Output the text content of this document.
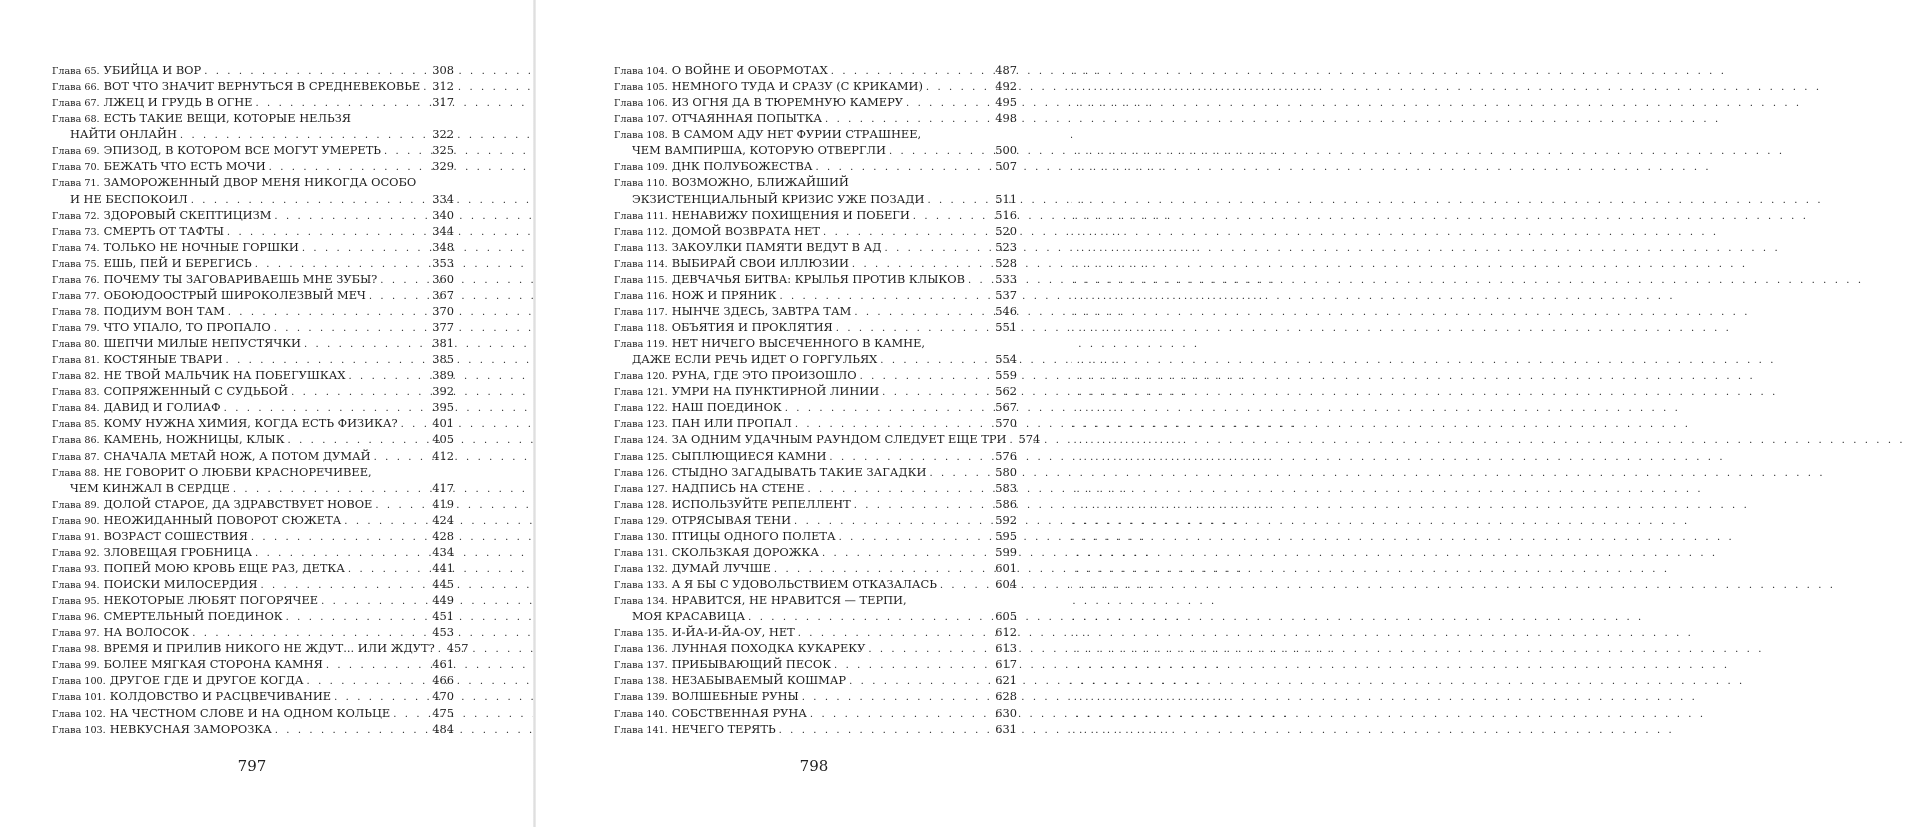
Глава 65. УБИЙЦА И ВОР . . .	308
Глава 66. ВОТ ЧТО ЗНАЧИТ ВЕРНУТЬСЯ В СРЕДНЕВЕКОВЬЕ . . . 312
Глава 67. ЛЖЕЦ И ГРУДЬ В ОГНЕ . . .	317
Глава 68. ЕСТЬ ТАКИЕ ВЕЩИ, КОТОРЫЕ НЕЛЬЗЯ
НАЙТИ ОНЛАЙН . . .	322
Глава 69. ЭПИЗОД, В КОТОРОМ ВСЕ МОГУТ УМЕРЕТЬ . . .	325
Глава 70. БЕЖАТЬ ЧТО ЕСТЬ МОЧИ . . .	329
Глава 71. ЗАМОРОЖЕННЫЙ ДВОР МЕНЯ НИКОГДА ОСОБО
И НЕ БЕСПОКОИЛ . . .	334
Глава 72. ЗДОРОВЫЙ СКЕПТИЦИЗМ . . .	340
Глава 73. СМЕРТЬ ОТ ТАФТЫ . . .	344
Глава 74. ТОЛЬКО НЕ НОЧНЫЕ ГОРШКИ . . .	348
Глава 75. ЕШЬ, ПЕЙ И БЕРЕГИСЬ . . .	353
Глава 76. ПОЧЕМУ ТЫ ЗАГОВАРИВАЕШЬ МНЕ ЗУБЫ? . . .	360
Глава 77. ОБОЮДООСТРЫЙ ШИРОКОЛЕЗВЫЙ МЕЧ . . .	367
Глава 78. ПОДИУМ ВОН ТАМ . . .	370
Глава 79. ЧТО УПАЛО, ТО ПРОПАЛО . . .	377
Глава 80. ШЕПЧИ МИЛЫЕ НЕПУСТЯЧКИ . . .	381
Глава 81. КОСТЯНЫЕ ТВАРИ . . .	385
Глава 82. НЕ ТВОЙ МАЛЬЧИК НА ПОБЕГУШКАХ . . .	389
Глава 83. СОПРЯЖЕННЫЙ С СУДЬБОЙ . . .	392
Глава 84. ДАВИД И ГОЛИАФ . . .	395
Глава 85. КОМУ НУЖНА ХИМИЯ, КОГДА ЕСТЬ ФИЗИКА? . . .	401
Глава 86. КАМЕНЬ, НОЖНИЦЫ, КЛЫК . . .	405
Глава 87. СНАЧАЛА МЕТАЙ НОЖ, А ПОТОМ ДУМАЙ . . .	412
Глава 88. НЕ ГОВОРИТ О ЛЮБВИ КРАСНОРЕЧИВЕЕ,
ЧЕМ КИНЖАЛ В СЕРДЦЕ . . .	417
Глава 89. ДОЛОЙ СТАРОЕ, ДА ЗДРАВСТВУЕТ НОВОЕ . . .	419
Глава 90. НЕОЖИДАННЫЙ ПОВОРОТ СЮЖЕТА . . .	424
Глава 91. ВОЗРАСТ СОШЕСТВИЯ . . .	428
Глава 92. ЗЛОВЕЩАЯ ГРОБНИЦА . . .	434
Глава 93. ПОПЕЙ МОЮ КРОВЬ ЕЩЕ РАЗ, ДЕТКА . . .	441
Глава 94. ПОИСКИ МИЛОСЕРДИЯ . . .	445
Глава 95. НЕКОТОРЫЕ ЛЮБЯТ ПОГОРЯЧЕЕ . . .	449
Глава 96. СМЕРТЕЛЬНЫЙ ПОЕДИНОК . . .	451
Глава 97. НА ВОЛОСОК . . .	453
Глава 98. ВРЕМЯ И ПРИЛИВ НИКОГО НЕ ЖДУТ... ИЛИ ЖДУТ? . . . 457
Глава 99. БОЛЕЕ МЯГКАЯ СТОРОНА КАМНЯ . . .	461
Глава 100. ДРУГОЕ ГДЕ И ДРУГОЕ КОГДА . . .	466
Глава 101. КОЛДОВСТВО И РАСЦВЕЧИВАНИЕ . . .	470
Глава 102. НА ЧЕСТНОМ СЛОВЕ И НА ОДНОМ КОЛЬЦЕ . . .	475
Глава 103. НЕВКУСНАЯ ЗАМОРОЗКА . . .	484
797
Глава 104. О ВОЙНЕ И ОБОРМОТАХ . . .	487
Глава 105. НЕМНОГО ТУДА И СРАЗУ (С КРИКАМИ) . . .	492
Глава 106. ИЗ ОГНЯ ДА В ТЮРЕМНУЮ КАМЕРУ . . .	495
Глава 107. ОТЧАЯННАЯ ПОПЫТКА . . .	498
Глава 108. В САМОМ АДУ НЕТ ФУРИИ СТРАШНЕЕ,
ЧЕМ ВАМПИРША, КОТОРУЮ ОТВЕРГЛИ . . .	500
Глава 109. ДНК ПОЛУБОЖЕСТВА . . .	507
Глава 110. ВОЗМОЖНО, БЛИЖАЙШИЙ
ЭКЗИСТЕНЦИАЛЬНЫЙ КРИЗИС УЖЕ ПОЗАДИ . . .	511
Глава 111. НЕНАВИЖУ ПОХИЩЕНИЯ И ПОБЕГИ . . .	516
Глава 112. ДОМОЙ ВОЗВРАТА НЕТ . . .	520
Глава 113. ЗАКОУЛКИ ПАМЯТИ ВЕДУТ В АД . . .	523
Глава 114. ВЫБИРАЙ СВОИ ИЛЛЮЗИИ . . .	528
Глава 115. ДЕВЧАЧЬЯ БИТВА: КРЫЛЬЯ ПРОТИВ КЛЫКОВ . . .	533
Глава 116. НОЖ И ПРЯНИК . . .	537
Глава 117. НЫНЧЕ ЗДЕСЬ, ЗАВТРА ТАМ . . .	546
Глава 118. ОБЪЯТИЯ И ПРОКЛЯТИЯ . . .	551
Глава 119. НЕТ НИЧЕГО ВЫСЕЧЕННОГО В КАМНЕ,
ДАЖЕ ЕСЛИ РЕЧЬ ИДЕТ О ГОРГУЛЬЯХ . . .	554
Глава 120. РУНА, ГДЕ ЭТО ПРОИЗОШЛО . . .	559
Глава 121. УМРИ НА ПУНКТИРНОЙ ЛИНИИ . . .	562
Глава 122. НАШ ПОЕДИНОК . . .	567
Глава 123. ПАН ИЛИ ПРОПАЛ . . .	570
Глава 124. ЗА ОДНИМ УДАЧНЫМ РАУНДОМ СЛЕДУЕТ ЕЩЕ ТРИ . . . 574
Глава 125. СЫПЛЮЩИЕСЯ КАМНИ . . .	576
Глава 126. СТЫДНО ЗАГАДЫВАТЬ ТАКИЕ ЗАГАДКИ . . .	580
Глава 127. НАДПИСЬ НА СТЕНЕ . . .	583
Глава 128. ИСПОЛЬЗУЙТЕ РЕПЕЛЛЕНТ . . .	586
Глава 129. ОТРЯСЫВАЯ ТЕНИ . . .	592
Глава 130. ПТИЦЫ ОДНОГО ПОЛЕТА . . .	595
Глава 131. СКОЛЬЗКАЯ ДОРОЖКА . . .	599
Глава 132. ДУМАЙ ЛУЧШЕ . . .	601
Глава 133. А Я БЫ С УДОВОЛЬСТВИЕМ ОТКАЗАЛАСЬ . . .	604
Глава 134. НРАВИТСЯ, НЕ НРАВИТСЯ — ТЕРПИ,
МОЯ КРАСАВИЦА . . .	605
Глава 135. И-ЙА-И-ЙА-ОУ, НЕТ . . .	612
Глава 136. ЛУННАЯ ПОХОДКА КУКАРЕКУ . . .	613
Глава 137. ПРИБЫВАЮЩИЙ ПЕСОК . . .	617
Глава 138. НЕЗАБЫВАЕМЫЙ КОШМАР . . .	621
Глава 139. ВОЛШЕБНЫЕ РУНЫ . . .	628
Глава 140. СОБСТВЕННАЯ РУНА . . .	630
Глава 141. НЕЧЕГО ТЕРЯТЬ . . .	631
798
